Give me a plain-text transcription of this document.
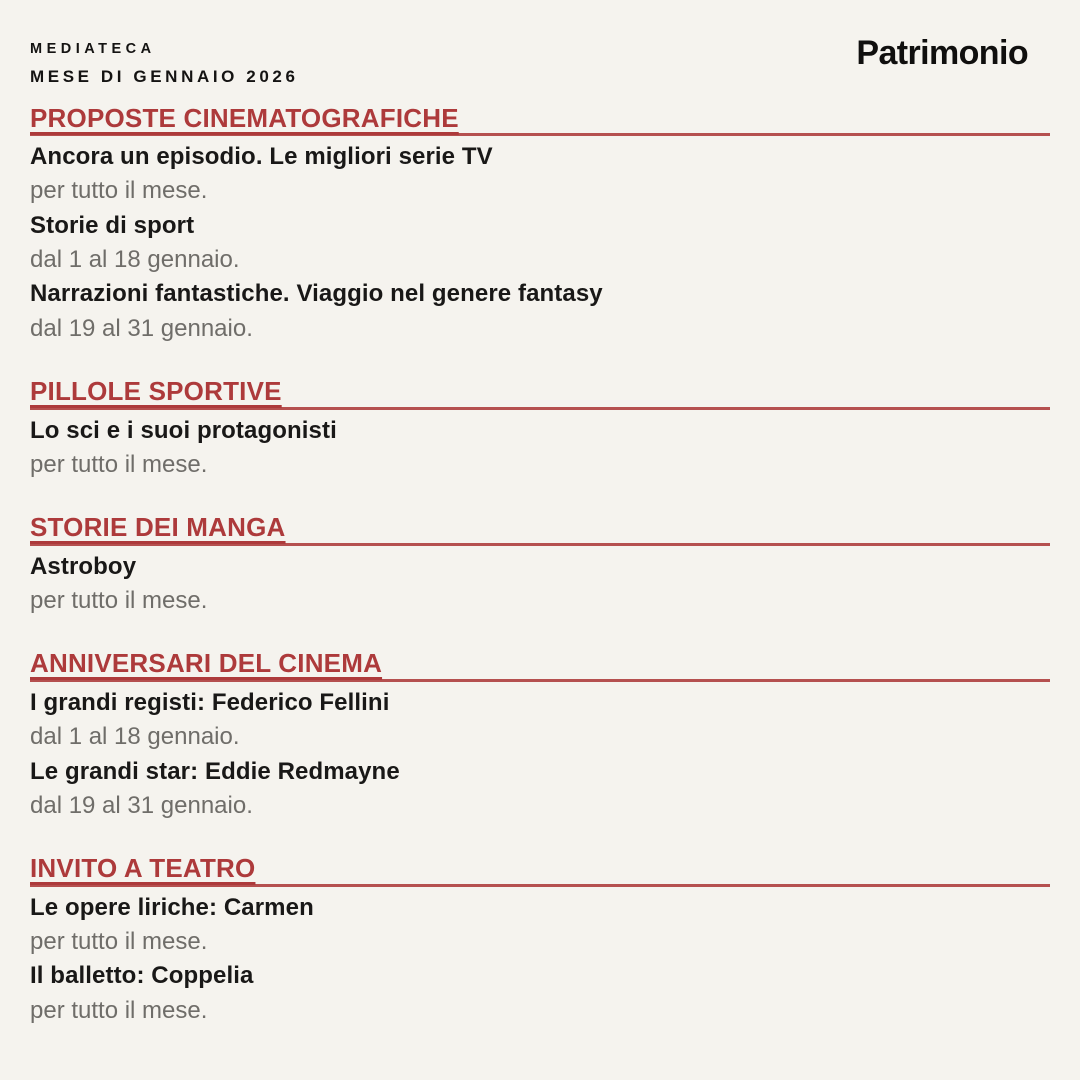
Patrimonio

MEDIATECA

MESE DI GENNAIO 2026

PROPOSTE CINEMATOGRAFICHE

Ancora un episodio. Le migliori serie TV

per tutto il mese.

Storie di sport

dal 1 al 18 gennaio.

Narrazioni fantastiche. Viaggio nel genere fantasy

dal 19 al 31 gennaio.

PILLOLE SPORTIVE

Lo sci e i suoi protagonisti

per tutto il mese.

STORIE DEI MANGA

Astroboy

per tutto il mese.

ANNIVERSARI DEL CINEMA

I grandi registi: Federico Fellini

dal 1 al 18 gennaio.

Le grandi star: Eddie Redmayne

dal 19 al 31 gennaio.

INVITO A TEATRO

Le opere liriche: Carmen

per tutto il mese.

Il balletto: Coppelia

per tutto il mese.
